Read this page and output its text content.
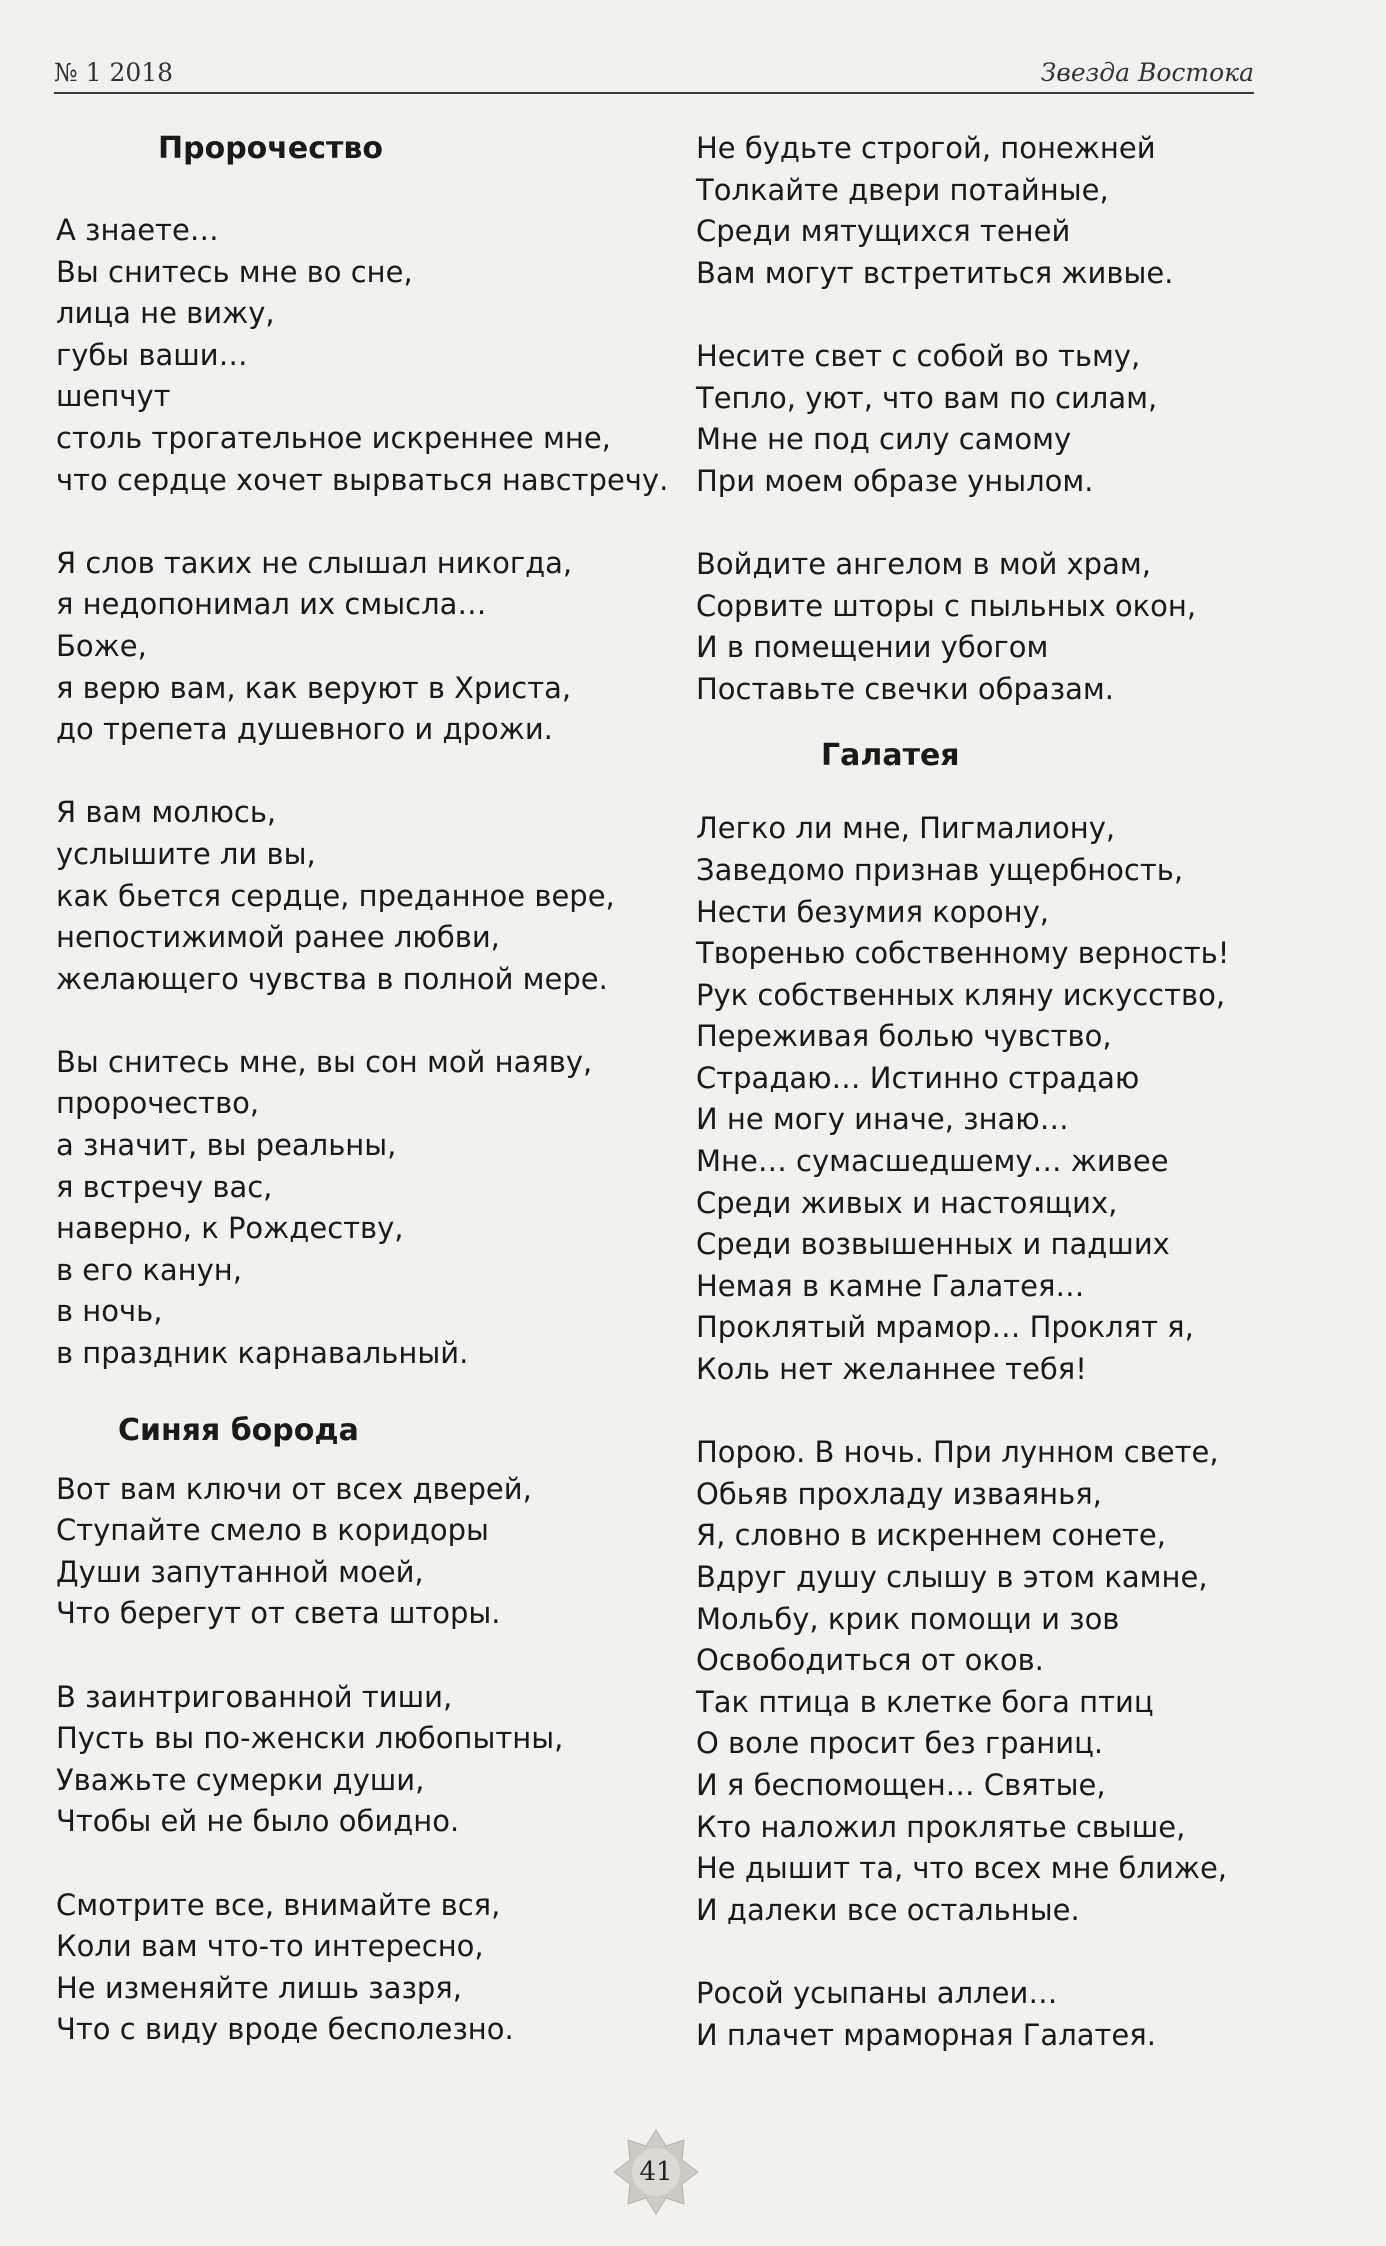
№ 1 2018	Звезда Востока
Пророчество
А знаете…
Вы снитесь мне во сне,
лица не вижу,
губы ваши…
шепчут
столь трогательное искреннее мне,
что сердце хочет вырваться навстречу.
Я слов таких не слышал никогда,
я недопонимал их смысла…
Боже,
я верю вам, как веруют в Христа,
до трепета душевного и дрожи.
Я вам молюсь,
услышите ли вы,
как бьется сердце, преданное вере,
непостижимой ранее любви,
желающего чувства в полной мере.
Вы снитесь мне, вы сон мой наяву,
пророчество,
а значит, вы реальны,
я встречу вас,
наверно, к Рождеству,
в его канун,
в ночь,
в праздник карнавальный.
Синяя борода
Вот вам ключи от всех дверей,
Ступайте смело в коридоры
Души запутанной моей,
Что берегут от света шторы.
В заинтригованной тиши,
Пусть вы по-женски любопытны,
Уважьте сумерки души,
Чтобы ей не было обидно.
Смотрите все, внимайте вся,
Коли вам что-то интересно,
Не изменяйте лишь зазря,
Что с виду вроде бесполезно.
Не будьте строгой, понежней
Толкайте двери потайные,
Среди мятущихся теней
Вам могут встретиться живые.
Несите свет с собой во тьму,
Тепло, уют, что вам по силам,
Мне не под силу самому
При моем образе унылом.
Войдите ангелом в мой храм,
Сорвите шторы с пыльных окон,
И в помещении убогом
Поставьте свечки образам.
Галатея
Легко ли мне, Пигмалиону,
Заведомо признав ущербность,
Нести безумия корону,
Творенью собственному верность!
Рук собственных кляну искусство,
Переживая болью чувство,
Страдаю… Истинно страдаю
И не могу иначе, знаю…
Мне… сумасшедшему… живее
Среди живых и настоящих,
Среди возвышенных и падших
Немая в камне Галатея…
Проклятый мрамор… Проклят я,
Коль нет желаннее тебя!
Порою. В ночь. При лунном свете,
Обьяв прохладу изваянья,
Я, словно в искреннем сонете,
Вдруг душу слышу в этом камне,
Мольбу, крик помощи и зов
Освободиться от оков.
Так птица в клетке бога птиц
О воле просит без границ.
И я беспомощен… Святые,
Кто наложил проклятье свыше,
Не дышит та, что всех мне ближе,
И далеки все остальные.
Росой усыпаны аллеи…
И плачет мраморная Галатея.
41
